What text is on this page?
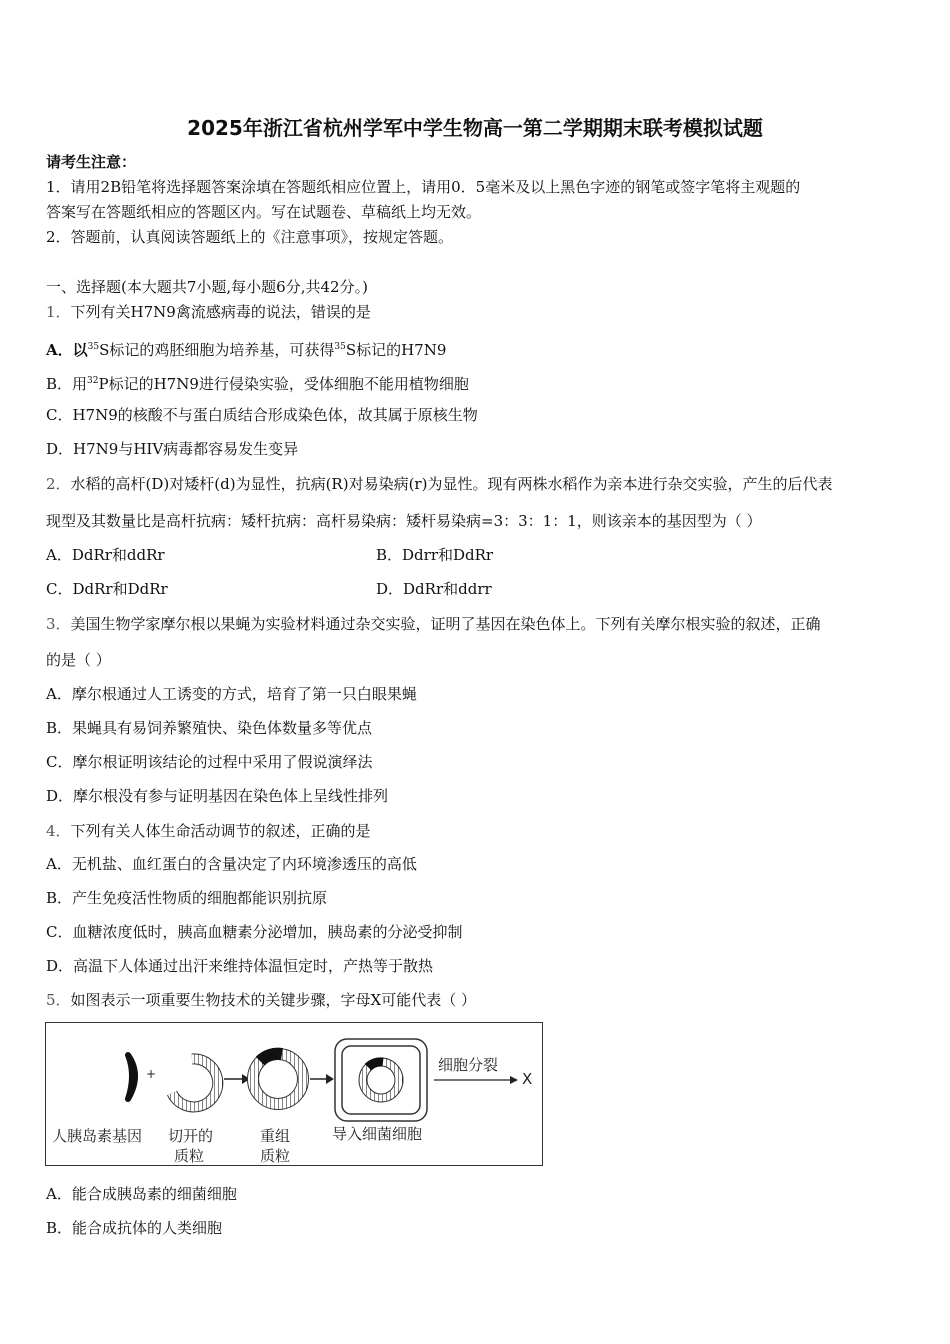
2025年浙江省杭州学军中学生物高一第二学期期末联考模拟试题
请考生注意：
1．请用2B铅笔将选择题答案涂填在答题纸相应位置上，请用0．5毫米及以上黑色字迹的钢笔或签字笔将主观题的
答案写在答题纸相应的答题区内。写在试题卷、草稿纸上均无效。
2．答题前，认真阅读答题纸上的《注意事项》，按规定答题。
一、选择题(本大题共7小题,每小题6分,共42分。)
1．下列有关H7N9禽流感病毒的说法，错误的是
A．以$^{35}$S标记的鸡胚细胞为培养基，可获得$^{35}$S标记的H7N9
B．用$^{32}$P标记的H7N9进行侵染实验，受体细胞不能用植物细胞
C．H7N9的核酸不与蛋白质结合形成染色体，故其属于原核生物
D．H7N9与HIV病毒都容易发生变异
2．水稻的高杆(D)对矮杆(d)为显性，抗病(R)对易染病(r)为显性。现有两株水稻作为亲本进行杂交实验，产生的后代表
现型及其数量比是高杆抗病：矮杆抗病：高杆易染病：矮杆易染病=3：3：1：1，则该亲本的基因型为（ ）
A．DdRr和ddRr	B．Ddrr和DdRr
C．DdRr和DdRr	D．DdRr和ddrr
3．美国生物学家摩尔根以果蝇为实验材料通过杂交实验，证明了基因在染色体上。下列有关摩尔根实验的叙述，正确
的是（ ）
A．摩尔根通过人工诱变的方式，培育了第一只白眼果蝇
B．果蝇具有易饲养繁殖快、染色体数量多等优点
C．摩尔根证明该结论的过程中采用了假说演绎法
D．摩尔根没有参与证明基因在染色体上呈线性排列
4．下列有关人体生命活动调节的叙述，正确的是
A．无机盐、血红蛋白的含量决定了内环境渗透压的高低
B．产生免疫活性物质的细胞都能识别抗原
C．血糖浓度低时，胰高血糖素分泌增加，胰岛素的分泌受抑制
D．高温下人体通过出汗来维持体温恒定时，产热等于散热
5．如图表示一项重要生物技术的关键步骤，字母X可能代表（ ）
+
人胰岛素基因 切开的
质粒
重组
质粒
导入细菌细胞
细胞分裂
X
A．能合成胰岛素的细菌细胞
B．能合成抗体的人类细胞
